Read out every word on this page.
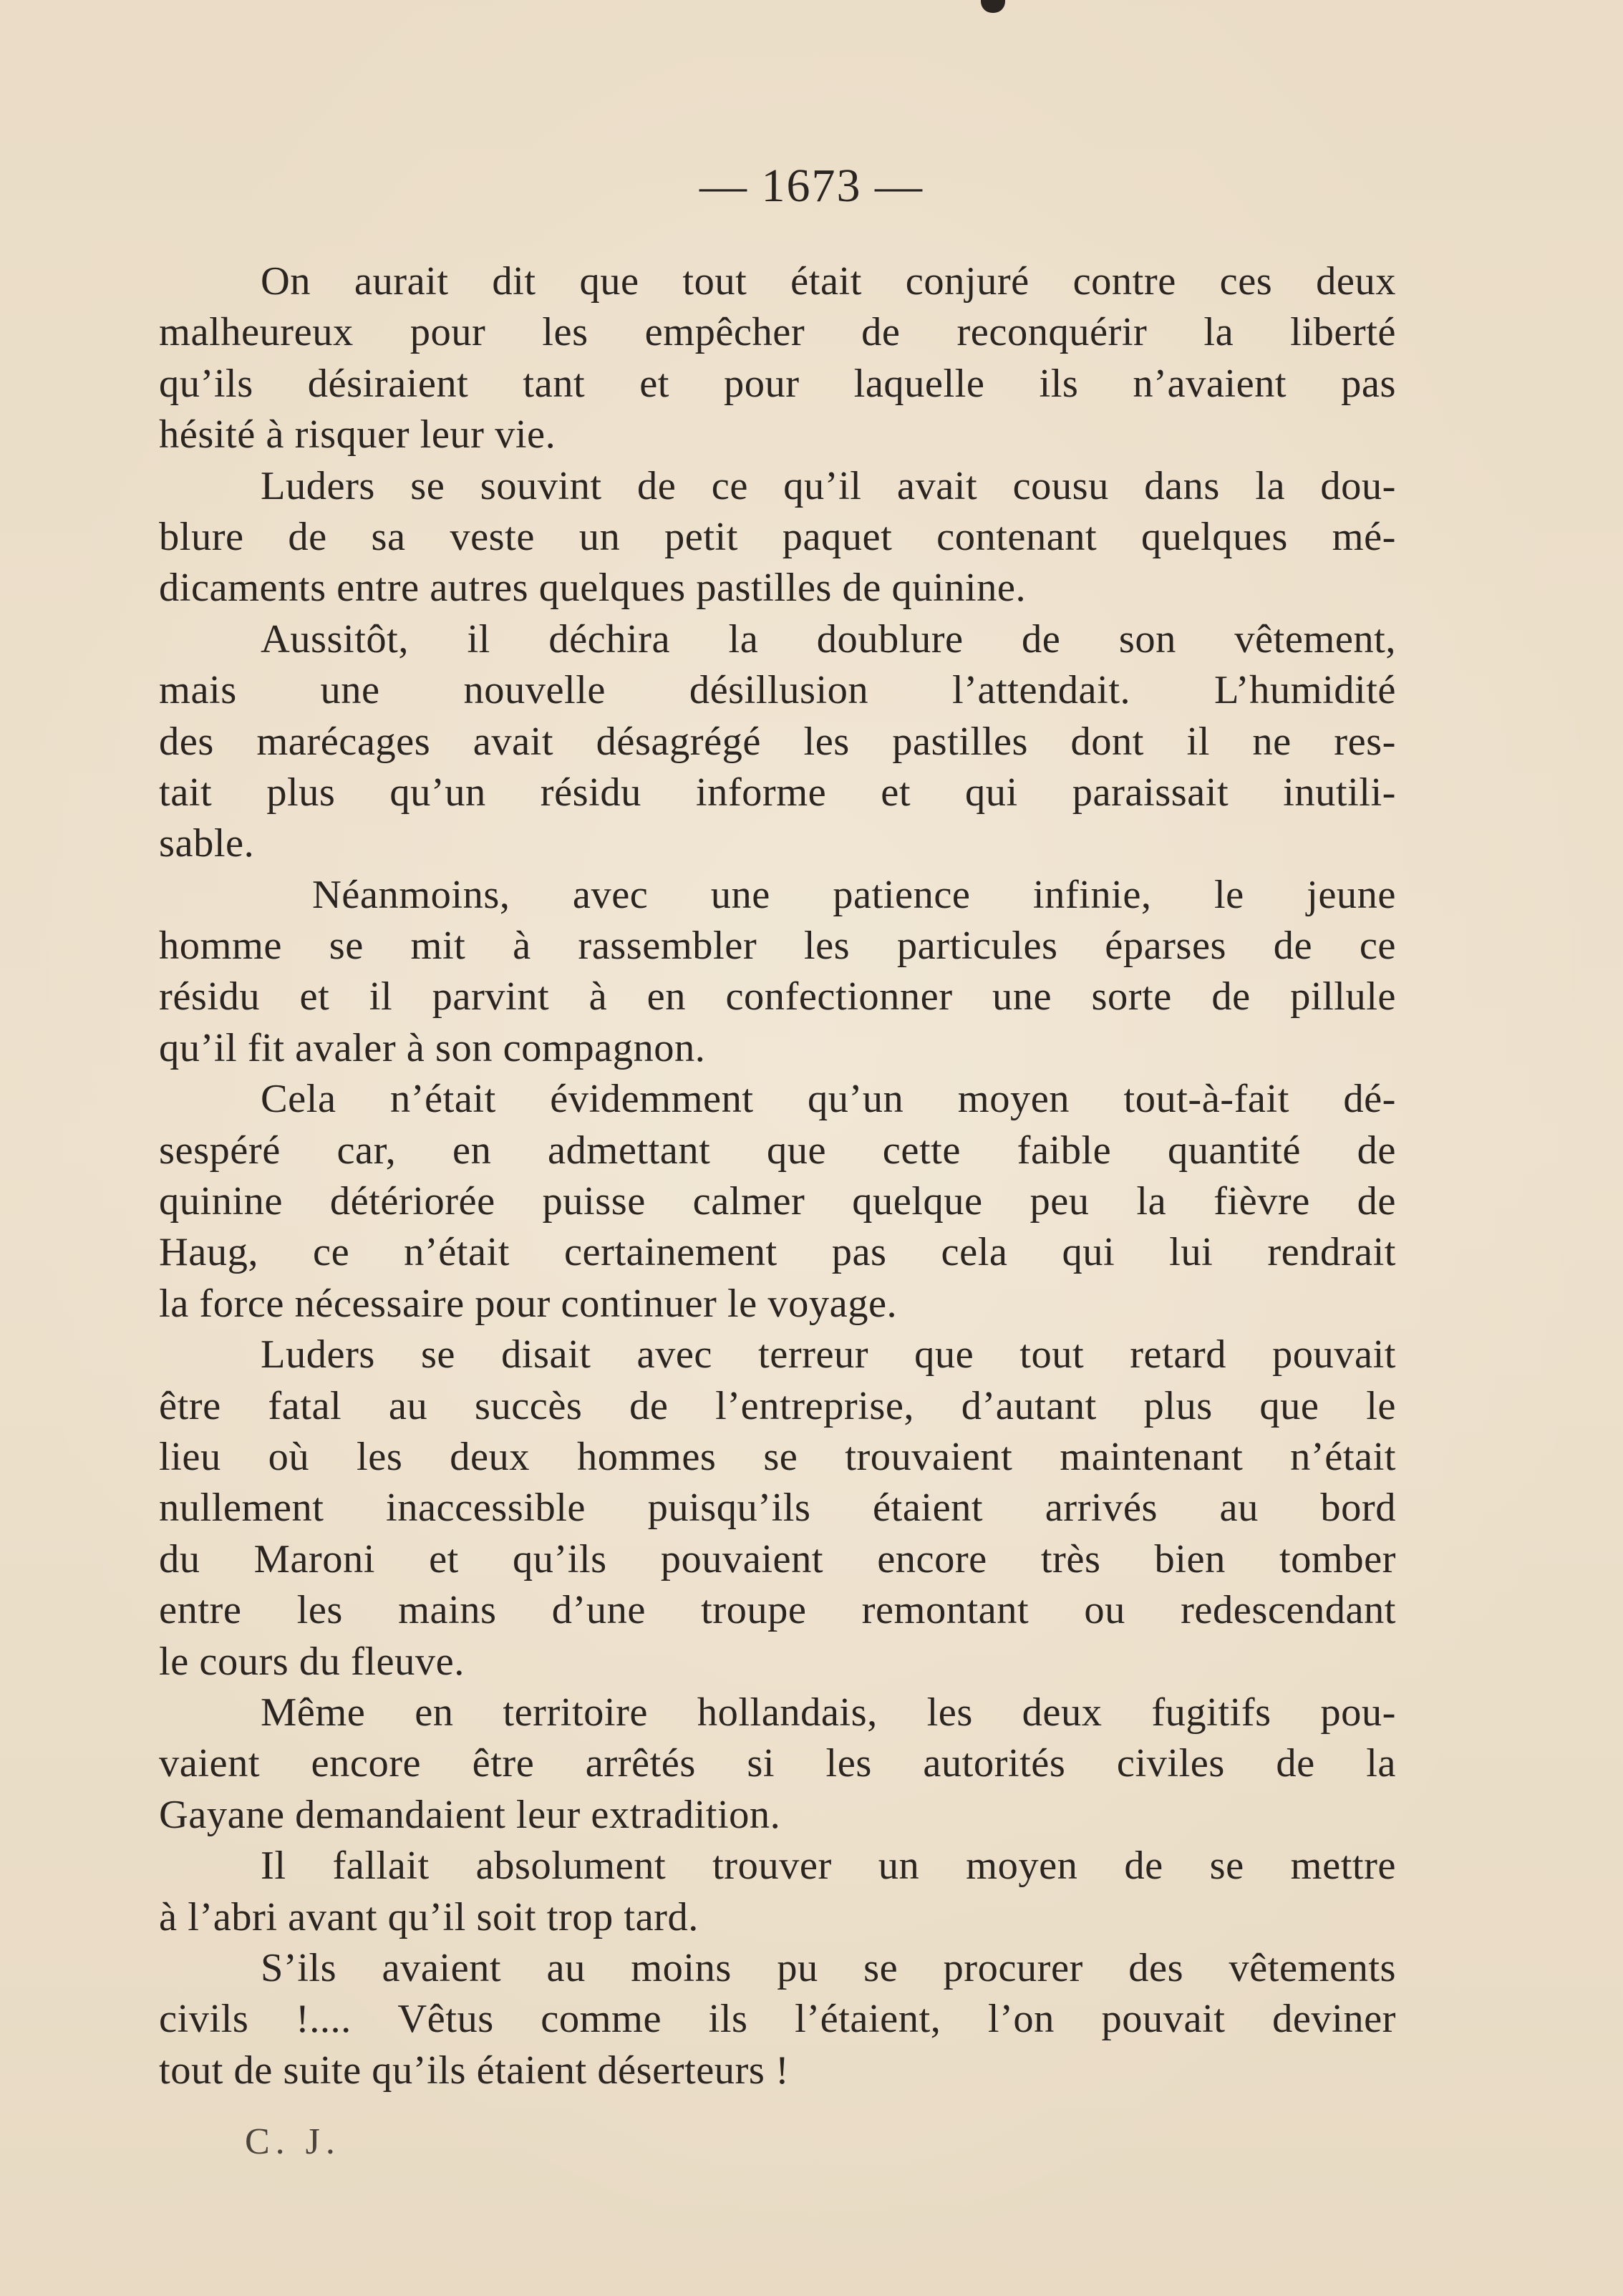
— 1673 —
On aurait dit que tout était conjuré contre ces deux
malheureux pour les empêcher de reconquérir la liberté
qu’ils désiraient tant et pour laquelle ils n’avaient pas
hésité à risquer leur vie.
Luders se souvint de ce qu’il avait cousu dans la dou-
blure de sa veste un petit paquet contenant quelques mé-
dicaments entre autres quelques pastilles de quinine.
Aussitôt, il déchira la doublure de son vêtement,
mais une nouvelle désillusion l’attendait. L’humidité
des marécages avait désagrégé les pastilles dont il ne res-
tait plus qu’un résidu informe et qui paraissait inutili-
sable.
Néanmoins, avec une patience infinie, le jeune
homme se mit à rassembler les particules éparses de ce
résidu et il parvint à en confectionner une sorte de pillule
qu’il fit avaler à son compagnon.
Cela n’était évidemment qu’un moyen tout-à-fait dé-
sespéré car, en admettant que cette faible quantité de
quinine détériorée puisse calmer quelque peu la fièvre de
Haug, ce n’était certainement pas cela qui lui rendrait
la force nécessaire pour continuer le voyage.
Luders se disait avec terreur que tout retard pouvait
être fatal au succès de l’entreprise, d’autant plus que le
lieu où les deux hommes se trouvaient maintenant n’était
nullement inaccessible puisqu’ils étaient arrivés au bord
du Maroni et qu’ils pouvaient encore très bien tomber
entre les mains d’une troupe remontant ou redescendant
le cours du fleuve.
Même en territoire hollandais, les deux fugitifs pou-
vaient encore être arrêtés si les autorités civiles de la
Gayane demandaient leur extradition.
Il fallait absolument trouver un moyen de se mettre
à l’abri avant qu’il soit trop tard.
S’ils avaient au moins pu se procurer des vêtements
civils !.... Vêtus comme ils l’étaient, l’on pouvait deviner
tout de suite qu’ils étaient déserteurs !
C. J.
